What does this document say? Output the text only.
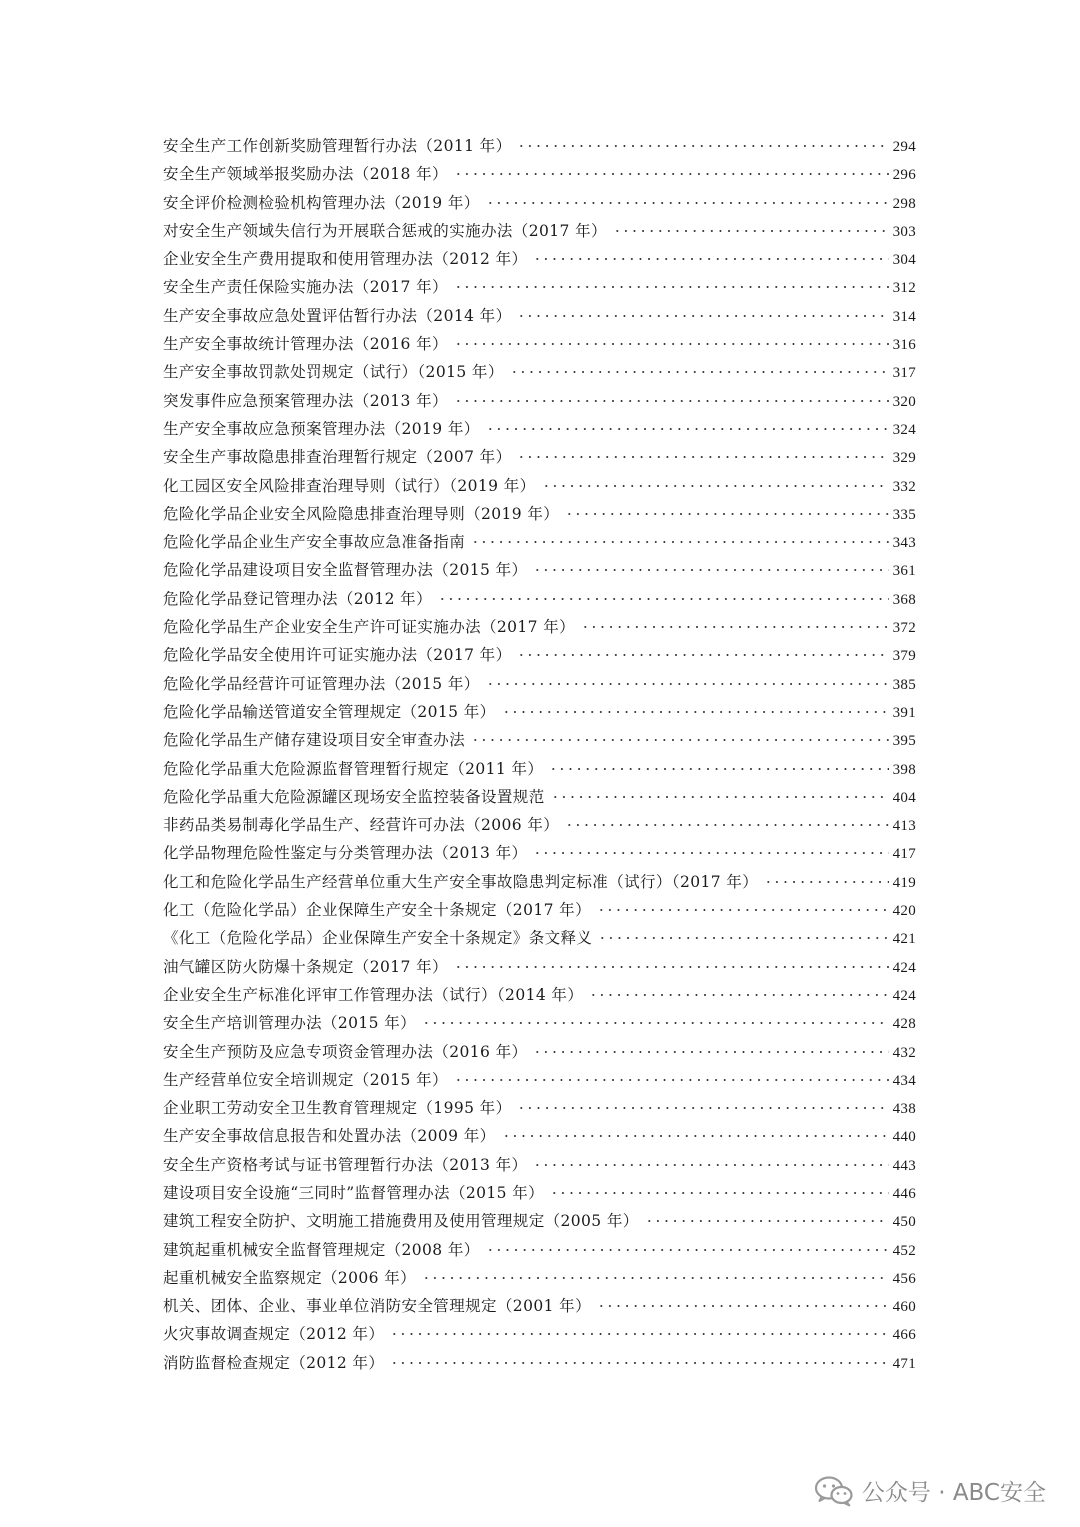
安全生产工作创新奖励管理暂行办法（2011 年）	294
安全生产领域举报奖励办法（2018 年）	296
安全评价检测检验机构管理办法（2019 年）	298
对安全生产领域失信行为开展联合惩戒的实施办法（2017 年）	303
企业安全生产费用提取和使用管理办法（2012 年）	304
安全生产责任保险实施办法（2017 年）	312
生产安全事故应急处置评估暂行办法（2014 年）	314
生产安全事故统计管理办法（2016 年）	316
生产安全事故罚款处罚规定（试行）（2015 年）	317
突发事件应急预案管理办法（2013 年）	320
生产安全事故应急预案管理办法（2019 年）	324
安全生产事故隐患排查治理暂行规定（2007 年）	329
化工园区安全风险排查治理导则（试行）（2019 年）	332
危险化学品企业安全风险隐患排查治理导则（2019 年）	335
危险化学品企业生产安全事故应急准备指南	343
危险化学品建设项目安全监督管理办法（2015 年）	361
危险化学品登记管理办法（2012 年）	368
危险化学品生产企业安全生产许可证实施办法（2017 年）	372
危险化学品安全使用许可证实施办法（2017 年）	379
危险化学品经营许可证管理办法（2015 年）	385
危险化学品输送管道安全管理规定（2015 年）	391
危险化学品生产储存建设项目安全审查办法	395
危险化学品重大危险源监督管理暂行规定（2011 年）	398
危险化学品重大危险源罐区现场安全监控装备设置规范	404
非药品类易制毒化学品生产、经营许可办法（2006 年）	413
化学品物理危险性鉴定与分类管理办法（2013 年）	417
化工和危险化学品生产经营单位重大生产安全事故隐患判定标准（试行）（2017 年）	419
化工（危险化学品）企业保障生产安全十条规定（2017 年）	420
《化工（危险化学品）企业保障生产安全十条规定》条文释义	421
油气罐区防火防爆十条规定（2017 年）	424
企业安全生产标准化评审工作管理办法（试行）（2014 年）	424
安全生产培训管理办法（2015 年）	428
安全生产预防及应急专项资金管理办法（2016 年）	432
生产经营单位安全培训规定（2015 年）	434
企业职工劳动安全卫生教育管理规定（1995 年）	438
生产安全事故信息报告和处置办法（2009 年）	440
安全生产资格考试与证书管理暂行办法（2013 年）	443
建设项目安全设施“三同时”监督管理办法（2015 年）	446
建筑工程安全防护、文明施工措施费用及使用管理规定（2005 年）	450
建筑起重机械安全监督管理规定（2008 年）	452
起重机械安全监察规定（2006 年）	456
机关、团体、企业、事业单位消防安全管理规定（2001 年）	460
火灾事故调查规定（2012 年）	466
消防监督检查规定（2012 年）	471
公众号 · ABC安全
